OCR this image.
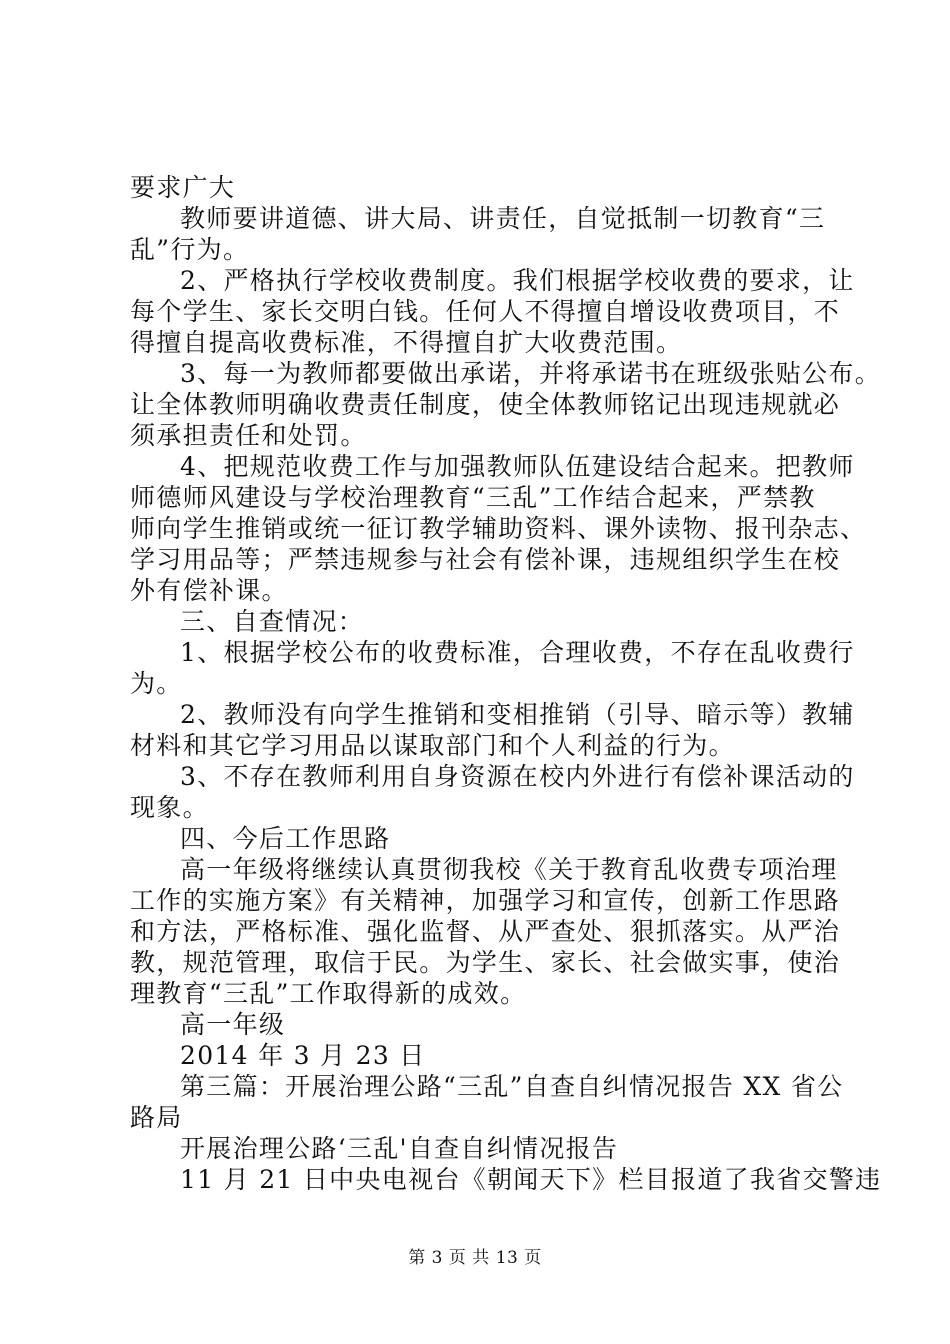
要求广大
教师要讲道德、讲大局、讲责任，自觉抵制一切教育“三
乱”行为。
2、严格执行学校收费制度。我们根据学校收费的要求，让
每个学生、家长交明白钱。任何人不得擅自增设收费项目，不
得擅自提高收费标准，不得擅自扩大收费范围。
3、每一为教师都要做出承诺，并将承诺书在班级张贴公布。
让全体教师明确收费责任制度，使全体教师铭记出现违规就必
须承担责任和处罚。
4、把规范收费工作与加强教师队伍建设结合起来。把教师
师德师风建设与学校治理教育“三乱”工作结合起来，严禁教
师向学生推销或统一征订教学辅助资料、课外读物、报刊杂志、
学习用品等；严禁违规参与社会有偿补课，违规组织学生在校
外有偿补课。
三、自查情况：
1、根据学校公布的收费标准，合理收费，不存在乱收费行
为。
2、教师没有向学生推销和变相推销（引导、暗示等）教辅
材料和其它学习用品以谋取部门和个人利益的行为。
3、不存在教师利用自身资源在校内外进行有偿补课活动的
现象。
四、今后工作思路
高一年级将继续认真贯彻我校《关于教育乱收费专项治理
工作的实施方案》有关精神，加强学习和宣传，创新工作思路
和方法，严格标准、强化监督、从严查处、狠抓落实。从严治
教，规范管理，取信于民。为学生、家长、社会做实事，使治
理教育“三乱”工作取得新的成效。
高一年级
2014 年 3 月 23 日
第三篇：开展治理公路“三乱”自查自纠情况报告 XX 省公
路局
开展治理公路‘三乱'自查自纠情况报告
11 月 21 日中央电视台《朝闻天下》栏目报道了我省交警违
第 3 页 共 13 页
